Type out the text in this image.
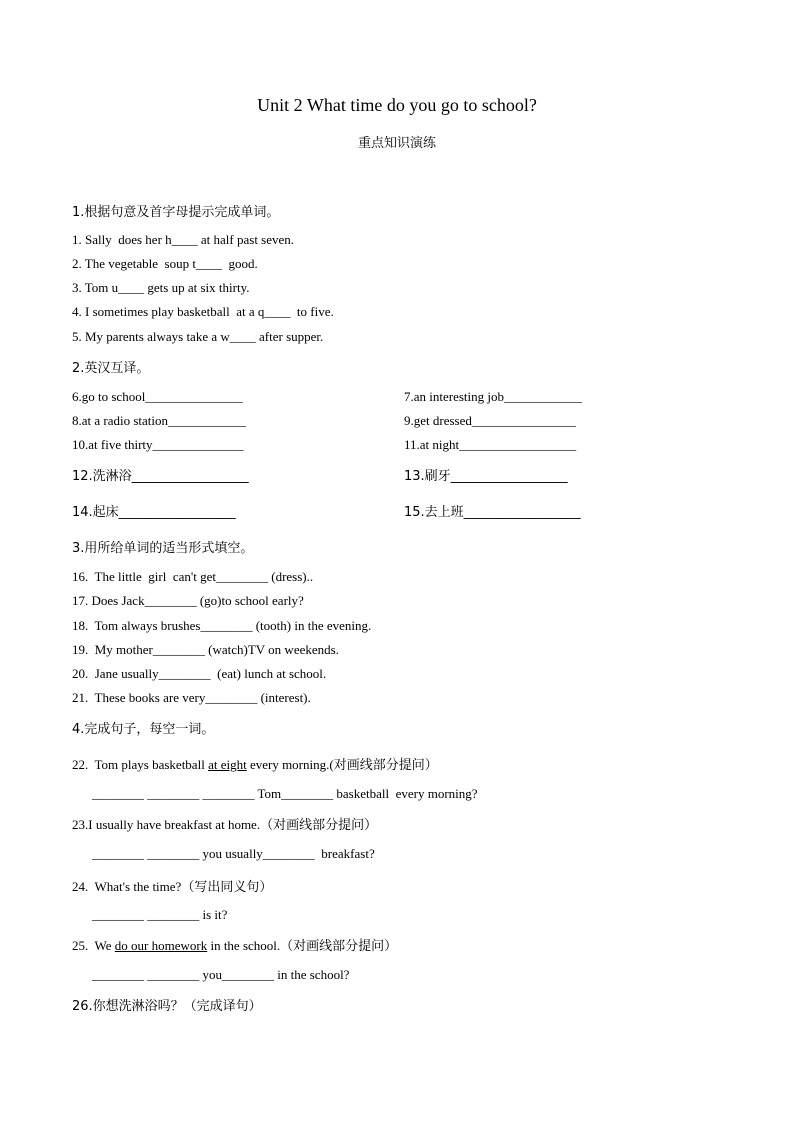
Unit 2 What time do you go to school?
重点知识演练
1.根据句意及首字母提示完成单词。
1. Sally  does her h____ at half past seven.
2. The vegetable  soup t____  good.
3. Tom u____ gets up at six thirty.
4. I sometimes play basketball  at a q____  to five.
5. My parents always take a w____ after supper.
2.英汉互译。
6.go to school_______________	7.an interesting job____________
8.at a radio station____________	9.get dressed________________
10.at five thirty______________	11.at night__________________
12.洗淋浴__________________	13.刷牙__________________
14.起床__________________	15.去上班__________________
3.用所给单词的适当形式填空。
16.  The little  girl  can't get________ (dress)..
17. Does Jack________ (go)to school early?
18.  Tom always brushes________ (tooth) in the evening.
19.  My mother________ (watch)TV on weekends.
20.  Jane usually________  (eat) lunch at school.
21.  These books are very________ (interest).
4.完成句子，每空一词。
22.  Tom plays basketball at eight every morning.(对画线部分提问）
________ ________ ________ Tom________ basketball  every morning?
23.I usually have breakfast at home.（对画线部分提问）
________ ________ you usually________  breakfast?
24.  What's the time?（写出同义句）
________ ________ is it?
25.  We do our homework in the school.（对画线部分提问）
________ ________ you________ in the school?
26.你想洗淋浴吗？（完成译句）
